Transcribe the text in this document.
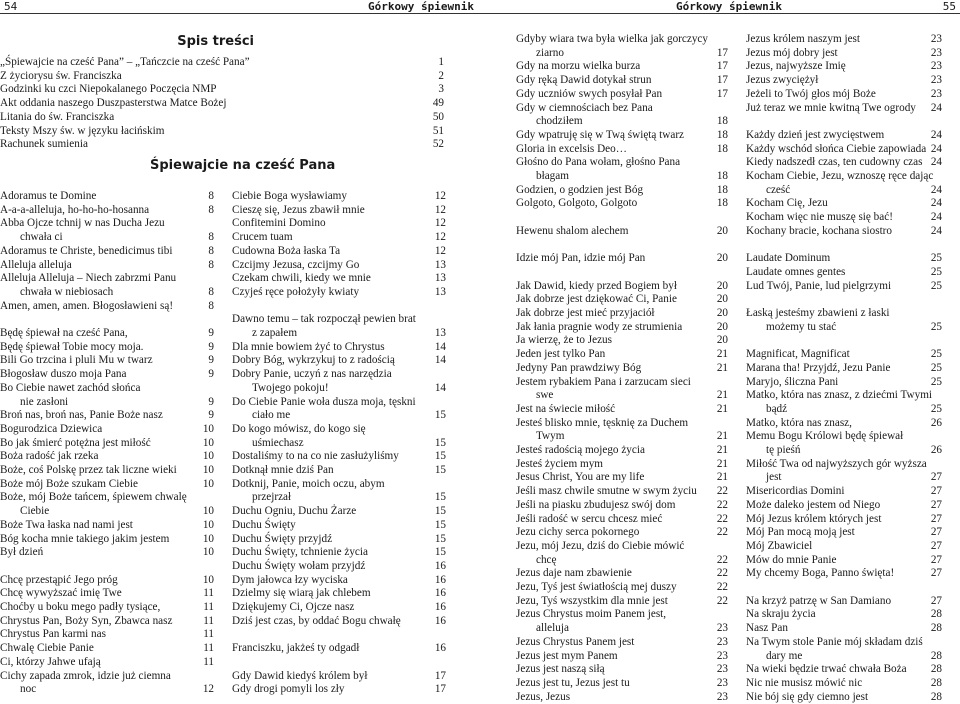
54	Górkowy śpiewnik
Spis treści
„Śpiewajcie na cześć Pana” – „Tańczcie na cześć Pana”	1
Z życiorysu św. Franciszka	2
Godzinki ku czci Niepokalanego Poczęcia NMP	3
Akt oddania naszego Duszpasterstwa Matce Bożej	49
Litania do św. Franciszka	50
Teksty Mszy św. w języku łacińskim	51
Rachunek sumienia	52
Śpiewajcie na cześć Pana
Adoramus te Domine	8
A-a-a-alleluja, ho-ho-ho-hosanna	8
Abba Ojcze tchnij w nas Ducha Jezu
chwała ci	8
Adoramus te Christe, benedicimus tibi	8
Alleluja alleluja	8
Alleluja Alleluja – Niech zabrzmi Panu
chwała w niebiosach	8
Amen, amen, amen. Błogosławieni są!	8
Będę śpiewał na cześć Pana,	9
Będę śpiewał Tobie mocy moja.	9
Bili Go trzcina i pluli Mu w twarz	9
Błogosław duszo moja Pana	9
Bo Ciebie nawet zachód słońca
nie zasłoni	9
Broń nas, broń nas, Panie Boże nasz	9
Bogurodzica Dziewica	10
Bo jak śmierć potężna jest miłość	10
Boża radość jak rzeka	10
Boże, coś Polskę przez tak liczne wieki	10
Boże mój Boże szukam Ciebie	10
Boże, mój Boże tańcem, śpiewem chwalę
Ciebie	10
Boże Twa łaska nad nami jest	10
Bóg kocha mnie takiego jakim jestem	10
Był dzień	10
Chcę przestąpić Jego próg	10
Chcę wywyższać imię Twe	11
Choćby u boku mego padły tysiące,	11
Chrystus Pan, Boży Syn, Zbawca nasz	11
Chrystus Pan karmi nas	11
Chwalę Ciebie Panie	11
Ci, którzy Jahwe ufają	11
Cichy zapada zmrok, idzie już ciemna
noc	12
Ciebie Boga wysławiamy	12
Cieszę się, Jezus zbawił mnie	12
Confitemini Domino	12
Crucem tuam	12
Cudowna Boża łaska Ta	12
Czcijmy Jezusa, czcijmy Go	13
Czekam chwili, kiedy we mnie	13
Czyjeś ręce położyły kwiaty	13
Dawno temu – tak rozpoczął pewien brat
z zapałem	13
Dla mnie bowiem żyć to Chrystus	14
Dobry Bóg, wykrzykuj to z radością	14
Dobry Panie, uczyń z nas narzędzia
Twojego pokoju!	14
Do Ciebie Panie woła dusza moja, tęskni
ciało me	15
Do kogo mówisz, do kogo się
uśmiechasz	15
Dostaliśmy to na co nie zasłużyliśmy	15
Dotknął mnie dziś Pan	15
Dotknij, Panie, moich oczu, abym
przejrzał	15
Duchu Ogniu, Duchu Żarze	15
Duchu Święty	15
Duchu Święty przyjdź	15
Duchu Święty, tchnienie życia	15
Duchu Święty wołam przyjdź	16
Dym jałowca łzy wyciska	16
Dzielmy się wiarą jak chlebem	16
Dziękujemy Ci, Ojcze nasz	16
Dziś jest czas, by oddać Bogu chwałę	16
Franciszku, jakżeś ty odgadł	16
Gdy Dawid kiedyś królem był	17
Gdy drogi pomyli los zły	17
Górkowy śpiewnik	55
Gdyby wiara twa była wielka jak gorczycy
ziarno	17
Gdy na morzu wielka burza	17
Gdy ręką Dawid dotykał strun	17
Gdy uczniów swych posyłał Pan	17
Gdy w ciemnościach bez Pana
chodziłem	18
Gdy wpatruję się w Twą świętą twarz	18
Gloria in excelsis Deo…	18
Głośno do Pana wołam, głośno Pana
błagam	18
Godzien, o godzien jest Bóg	18
Golgoto, Golgoto, Golgoto	18
Hewenu shalom alechem	20
Idzie mój Pan, idzie mój Pan	20
Jak Dawid, kiedy przed Bogiem był	20
Jak dobrze jest dziękować Ci, Panie	20
Jak dobrze jest mieć przyjaciół	20
Jak łania pragnie wody ze strumienia	20
Ja wierzę, że to Jezus	20
Jeden jest tylko Pan	21
Jedyny Pan prawdziwy Bóg	21
Jestem rybakiem Pana i zarzucam sieci
swe	21
Jest na świecie miłość	21
Jesteś blisko mnie, tęsknię za Duchem
Twym	21
Jesteś radością mojego życia	21
Jesteś życiem mym	21
Jesus Christ, You are my life	21
Jeśli masz chwile smutne w swym życiu	22
Jeśli na piasku zbudujesz swój dom	22
Jeśli radość w sercu chcesz mieć	22
Jezu cichy serca pokornego	22
Jezu, mój Jezu, dziś do Ciebie mówić
chcę	22
Jezus daje nam zbawienie	22
Jezu, Tyś jest światłością mej duszy	22
Jezu, Tyś wszystkim dla mnie jest	22
Jezus Chrystus moim Panem jest,
alleluja	23
Jezus Chrystus Panem jest	23
Jezus jest mym Panem	23
Jezus jest naszą siłą	23
Jezus jest tu, Jezus jest tu	23
Jezus, Jezus	23
Jezus królem naszym jest	23
Jezus mój dobry jest	23
Jezus, najwyższe Imię	23
Jezus zwyciężył	23
Jeżeli to Twój głos mój Boże	23
Już teraz we mnie kwitną Twe ogrody	24
Każdy dzień jest zwycięstwem	24
Każdy wschód słońca Ciebie zapowiada 24
Kiedy nadszedł czas, ten cudowny czas 24
Kocham Ciebie, Jezu, wznoszę ręce dając
cześć	24
Kocham Cię, Jezu	24
Kocham więc nie muszę się bać!	24
Kochany bracie, kochana siostro	24
Laudate Dominum	25
Laudate omnes gentes	25
Lud Twój, Panie, lud pielgrzymi	25
Łaską jesteśmy zbawieni z łaski
możemy tu stać	25
Magnificat, Magnificat	25
Marana tha! Przyjdź, Jezu Panie	25
Maryjo, śliczna Pani	25
Matko, która nas znasz, z dziećmi Twymi
bądź	25
Matko, która nas znasz,	26
Memu Bogu Królowi będę śpiewał
tę pieśń	26
Miłość Twa od najwyższych gór wyższa
jest	27
Misericordias Domini	27
Może daleko jestem od Niego	27
Mój Jezus królem których jest	27
Mój Pan mocą moją jest	27
Mój Zbawiciel	27
Mów do mnie Panie	27
My chcemy Boga, Panno święta!	27
Na krzyż patrzę w San Damiano	27
Na skraju życia	28
Nasz Pan	28
Na Twym stole Panie mój składam dziś
dary me	28
Na wieki będzie trwać chwała Boża	28
Nic nie musisz mówić nic	28
Nie bój się gdy ciemno jest	28
